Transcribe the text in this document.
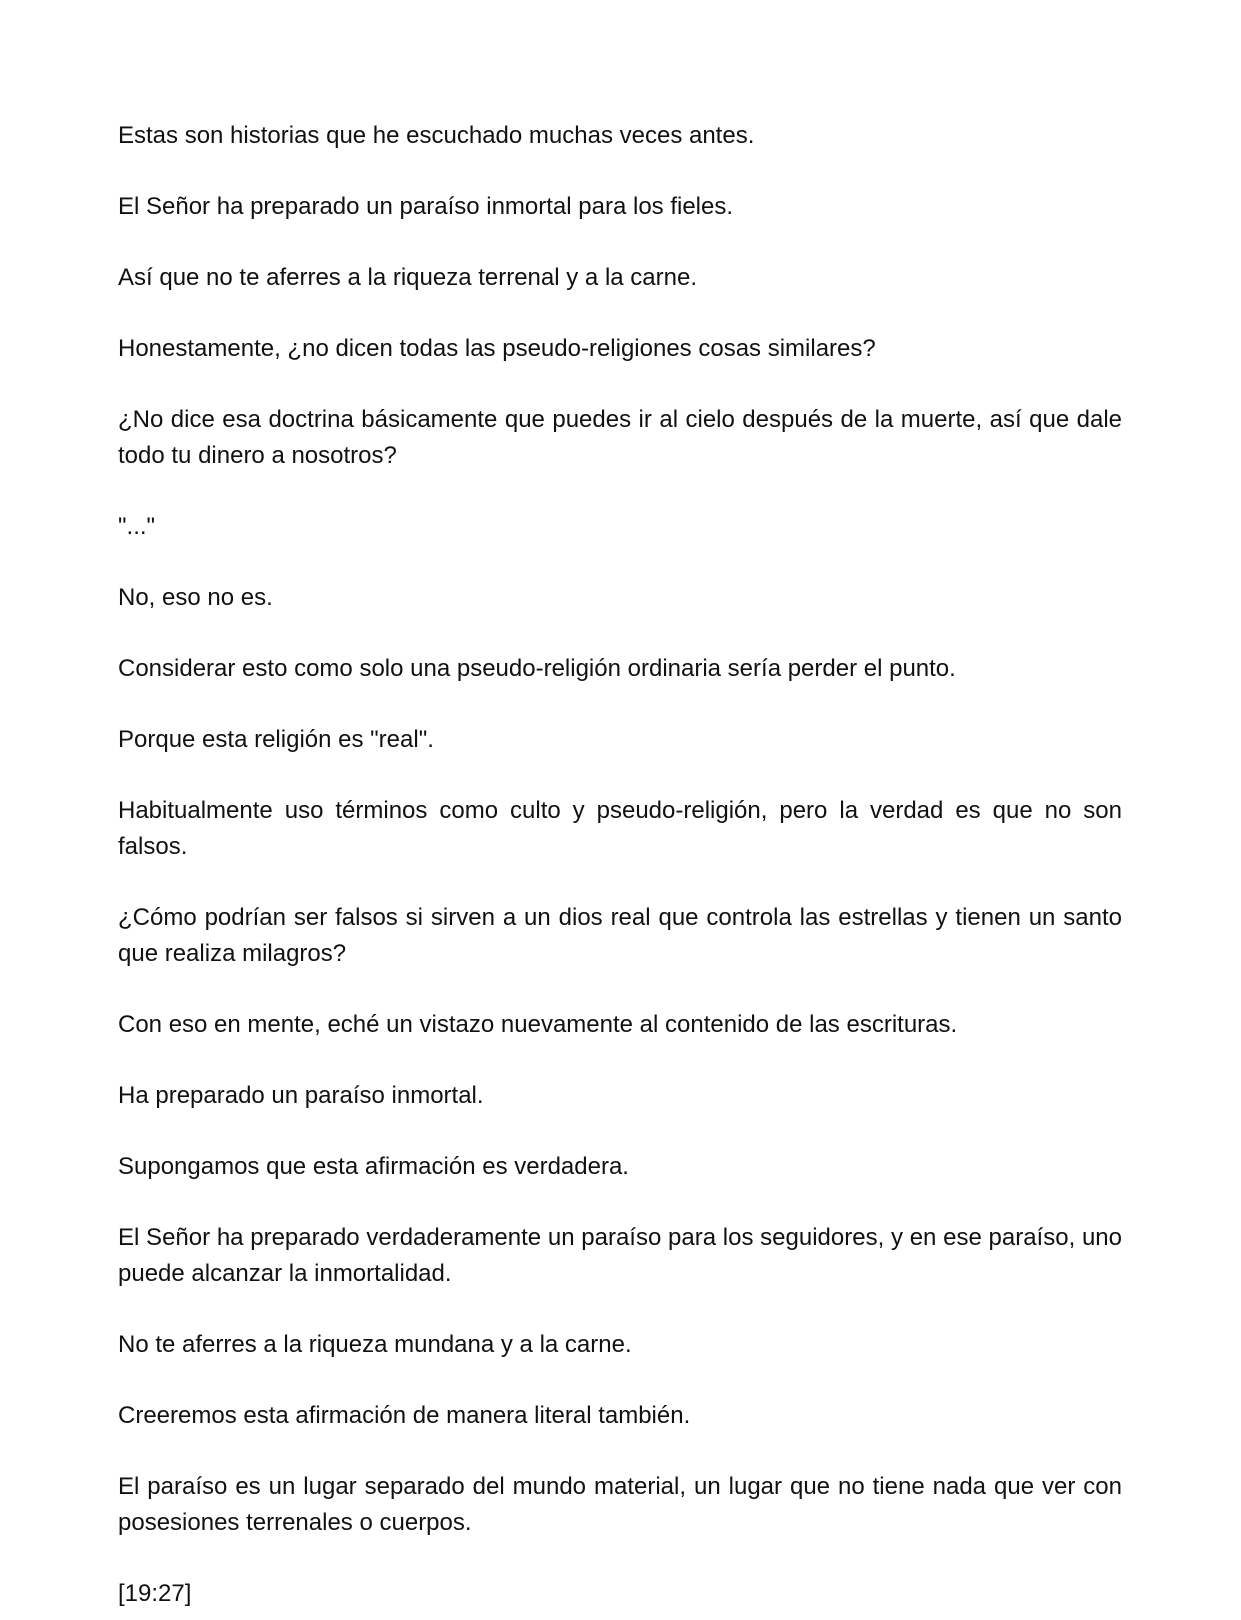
Estas son historias que he escuchado muchas veces antes.

El Señor ha preparado un paraíso inmortal para los fieles.

Así que no te aferres a la riqueza terrenal y a la carne.

Honestamente, ¿no dicen todas las pseudo-religiones cosas similares?

¿No dice esa doctrina básicamente que puedes ir al cielo después de la muerte, así que dale todo tu dinero a nosotros?

"..."

No, eso no es.

Considerar esto como solo una pseudo-religión ordinaria sería perder el punto.

Porque esta religión es "real".

Habitualmente uso términos como culto y pseudo-religión, pero la verdad es que no son falsos.

¿Cómo podrían ser falsos si sirven a un dios real que controla las estrellas y tienen un santo que realiza milagros?

Con eso en mente, eché un vistazo nuevamente al contenido de las escrituras.

Ha preparado un paraíso inmortal.

Supongamos que esta afirmación es verdadera.

El Señor ha preparado verdaderamente un paraíso para los seguidores, y en ese paraíso, uno puede alcanzar la inmortalidad.

No te aferres a la riqueza mundana y a la carne.

Creeremos esta afirmación de manera literal también.

El paraíso es un lugar separado del mundo material, un lugar que no tiene nada que ver con posesiones terrenales o cuerpos.

[19:27]
